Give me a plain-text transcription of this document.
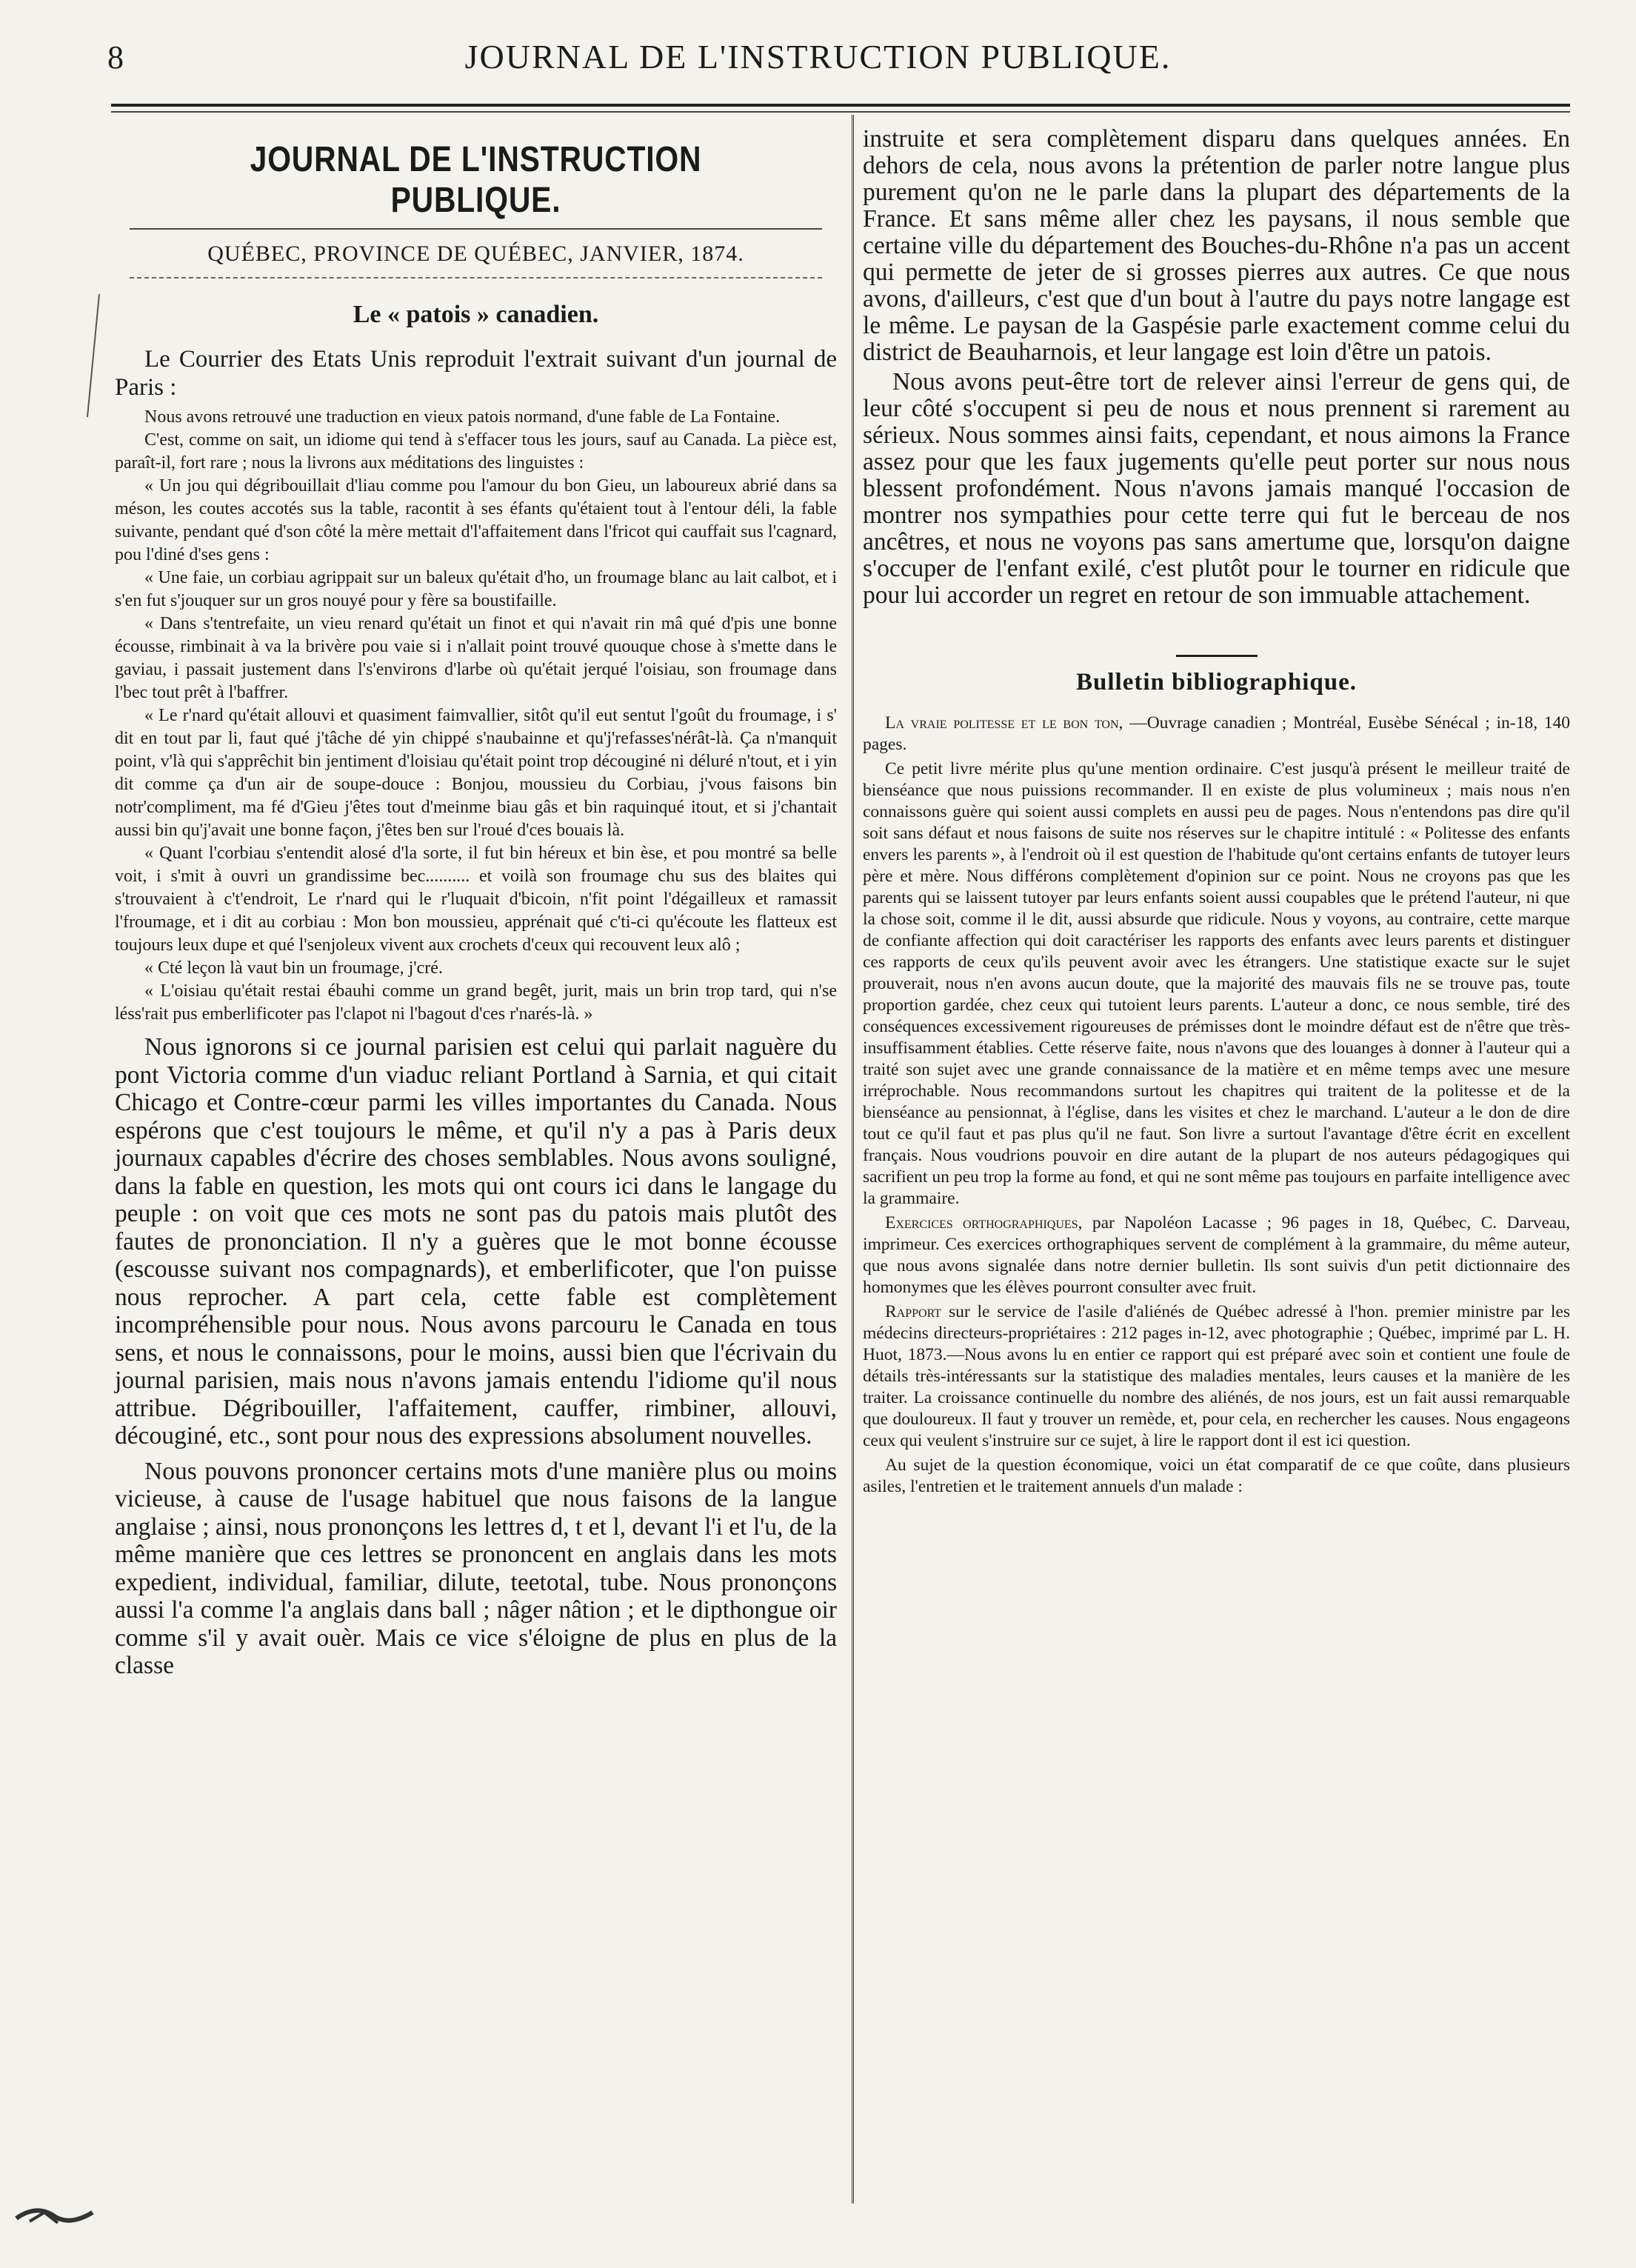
8	JOURNAL DE L'INSTRUCTION PUBLIQUE.
JOURNAL DE L'INSTRUCTION PUBLIQUE.
QUÉBEC, PROVINCE DE QUÉBEC, JANVIER, 1874.
Le « patois » canadien.

Le Courrier des Etats Unis reproduit l'extrait suivant d'un journal de Paris :

Nous avons retrouvé une traduction en vieux patois normand, d'une fable de La Fontaine.

C'est, comme on sait, un idiome qui tend à s'effacer tous les jours, sauf au Canada. La pièce est, paraît-il, fort rare ; nous la livrons aux méditations des linguistes :

« Un jou qui dégribouillait d'liau comme pou l'amour du bon Gieu, un laboureux abrié dans sa méson, les coutes accotés sus la table, racontit à ses éfants qu'étaient tout à l'entour déli, la fable suivante, pendant qué d'son côté la mère mettait d'l'affaitement dans l'fricot qui cauffait sus l'cagnard, pou l'diné d'ses gens :

« Une faie, un corbiau agrippait sur un baleux qu'était d'ho, un froumage blanc au lait calbot, et i s'en fut s'jouquer sur un gros nouyé pour y fère sa boustifaille.

« Dans s'tentrefaite, un vieu renard qu'était un finot et qui n'avait rin mâ qué d'pis une bonne écousse, rimbinait à va la brivère pou vaie si i n'allait point trouvé quouque chose à s'mette dans le gaviau, i passait justement dans l's'environs d'larbe où qu'était jerqué l'oisiau, son froumage dans l'bec tout prêt à l'baffrer.

« Le r'nard qu'était allouvi et quasiment faimvallier, sitôt qu'il eut sentut l'goût du froumage, i s' dit en tout par li, faut qué j'tâche dé yin chippé s'naubainne et qu'j'refasses'nérât-là. Ça n'manquit point, v'là qui s'apprêchit bin jentiment d'loisiau qu'était point trop découginé ni déluré n'tout, et i yin dit comme ça d'un air de soupe-douce : Bonjou, moussieu du Corbiau, j'vous faisons bin notr'compliment, ma fé d'Gieu j'êtes tout d'meinme biau gâs et bin raquinqué itout, et si j'chantait aussi bin qu'j'avait une bonne façon, j'êtes ben sur l'roué d'ces bouais là.

« Quant l'corbiau s'entendit alosé d'la sorte, il fut bin héreux et bin èse, et pou montré sa belle voit, i s'mit à ouvri un grandissime bec.......... et voilà son froumage chu sus des blaites qui s'trouvaient à c't'endroit, Le r'nard qui le r'luquait d'bicoin, n'fit point l'dégailleux et ramassit l'froumage, et i dit au corbiau : Mon bon moussieu, apprénait qué c'ti-ci qu'écoute les flatteux est toujours leux dupe et qué l'senjoleux vivent aux crochets d'ceux qui recouvent leux alô ;

« Cté leçon là vaut bin un froumage, j'cré.

« L'oisiau qu'était restai ébauhi comme un grand begêt, jurit, mais un brin trop tard, qui n'se léss'rait pus emberlificoter pas l'clapot ni l'bagout d'ces r'narés-là. »

Nous ignorons si ce journal parisien est celui qui parlait naguère du pont Victoria comme d'un viaduc reliant Portland à Sarnia, et qui citait Chicago et Contre-cœur parmi les villes importantes du Canada. Nous espérons que c'est toujours le même, et qu'il n'y a pas à Paris deux journaux capables d'écrire des choses semblables. Nous avons souligné, dans la fable en question, les mots qui ont cours ici dans le langage du peuple : on voit que ces mots ne sont pas du patois mais plutôt des fautes de prononciation. Il n'y a guères que le mot bonne écousse (escousse suivant nos compagnards), et emberlificoter, que l'on puisse nous reprocher. A part cela, cette fable est complètement incompréhensible pour nous. Nous avons parcouru le Canada en tous sens, et nous le connaissons, pour le moins, aussi bien que l'écrivain du journal parisien, mais nous n'avons jamais entendu l'idiome qu'il nous attribue. Dégribouiller, l'affaitement, cauffer, rimbiner, allouvi, découginé, etc., sont pour nous des expressions absolument nouvelles.

Nous pouvons prononcer certains mots d'une manière plus ou moins vicieuse, à cause de l'usage habituel que nous faisons de la langue anglaise ; ainsi, nous prononçons les lettres d, t et l, devant l'i et l'u, de la même manière que ces lettres se prononcent en anglais dans les mots expedient, individual, familiar, dilute, teetotal, tube. Nous prononçons aussi l'a comme l'a anglais dans ball ; nâger nâtion ; et le dipthongue oir comme s'il y avait ouèr. Mais ce vice s'éloigne de plus en plus de la classe

instruite et sera complètement disparu dans quelques années. En dehors de cela, nous avons la prétention de parler notre langue plus purement qu'on ne le parle dans la plupart des départements de la France. Et sans même aller chez les paysans, il nous semble que certaine ville du département des Bouches-du-Rhône n'a pas un accent qui permette de jeter de si grosses pierres aux autres. Ce que nous avons, d'ailleurs, c'est que d'un bout à l'autre du pays notre langage est le même. Le paysan de la Gaspésie parle exactement comme celui du district de Beauharnois, et leur langage est loin d'être un patois.

Nous avons peut-être tort de relever ainsi l'erreur de gens qui, de leur côté s'occupent si peu de nous et nous prennent si rarement au sérieux. Nous sommes ainsi faits, cependant, et nous aimons la France assez pour que les faux jugements qu'elle peut porter sur nous nous blessent profondément. Nous n'avons jamais manqué l'occasion de montrer nos sympathies pour cette terre qui fut le berceau de nos ancêtres, et nous ne voyons pas sans amertume que, lorsqu'on daigne s'occuper de l'enfant exilé, c'est plutôt pour le tourner en ridicule que pour lui accorder un regret en retour de son immuable attachement.

Bulletin bibliographique.

La vraie politesse et le bon ton, —Ouvrage canadien ; Montréal, Eusèbe Sénécal ; in-18, 140 pages.

Ce petit livre mérite plus qu'une mention ordinaire. C'est jusqu'à présent le meilleur traité de bienséance que nous puissions recommander. Il en existe de plus volumineux ; mais nous n'en connaissons guère qui soient aussi complets en aussi peu de pages. Nous n'entendons pas dire qu'il soit sans défaut et nous faisons de suite nos réserves sur le chapitre intitulé : « Politesse des enfants envers les parents », à l'endroit où il est question de l'habitude qu'ont certains enfants de tutoyer leurs père et mère. Nous différons complètement d'opinion sur ce point. Nous ne croyons pas que les parents qui se laissent tutoyer par leurs enfants soient aussi coupables que le prétend l'auteur, ni que la chose soit, comme il le dit, aussi absurde que ridicule. Nous y voyons, au contraire, cette marque de confiante affection qui doit caractériser les rapports des enfants avec leurs parents et distinguer ces rapports de ceux qu'ils peuvent avoir avec les étrangers. Une statistique exacte sur le sujet prouverait, nous n'en avons aucun doute, que la majorité des mauvais fils ne se trouve pas, toute proportion gardée, chez ceux qui tutoient leurs parents. L'auteur a donc, ce nous semble, tiré des conséquences excessivement rigoureuses de prémisses dont le moindre défaut est de n'être que très-insuffisamment établies. Cette réserve faite, nous n'avons que des louanges à donner à l'auteur qui a traité son sujet avec une grande connaissance de la matière et en même temps avec une mesure irréprochable. Nous recommandons surtout les chapitres qui traitent de la politesse et de la bienséance au pensionnat, à l'église, dans les visites et chez le marchand. L'auteur a le don de dire tout ce qu'il faut et pas plus qu'il ne faut. Son livre a surtout l'avantage d'être écrit en excellent français. Nous voudrions pouvoir en dire autant de la plupart de nos auteurs pédagogiques qui sacrifient un peu trop la forme au fond, et qui ne sont même pas toujours en parfaite intelligence avec la grammaire.

Exercices orthographiques, par Napoléon Lacasse ; 96 pages in 18, Québec, C. Darveau, imprimeur. Ces exercices orthographiques servent de complément à la grammaire, du même auteur, que nous avons signalée dans notre dernier bulletin. Ils sont suivis d'un petit dictionnaire des homonymes que les élèves pourront consulter avec fruit.

Rapport sur le service de l'asile d'aliénés de Québec adressé à l'hon. premier ministre par les médecins directeurs-propriétaires : 212 pages in-12, avec photographie ; Québec, imprimé par L. H. Huot, 1873.—Nous avons lu en entier ce rapport qui est préparé avec soin et contient une foule de détails très-intéressants sur la statistique des maladies mentales, leurs causes et la manière de les traiter. La croissance continuelle du nombre des aliénés, de nos jours, est un fait aussi remarquable que douloureux. Il faut y trouver un remède, et, pour cela, en rechercher les causes. Nous engageons ceux qui veulent s'instruire sur ce sujet, à lire le rapport dont il est ici question.

Au sujet de la question économique, voici un état comparatif de ce que coûte, dans plusieurs asiles, l'entretien et le traitement annuels d'un malade :
